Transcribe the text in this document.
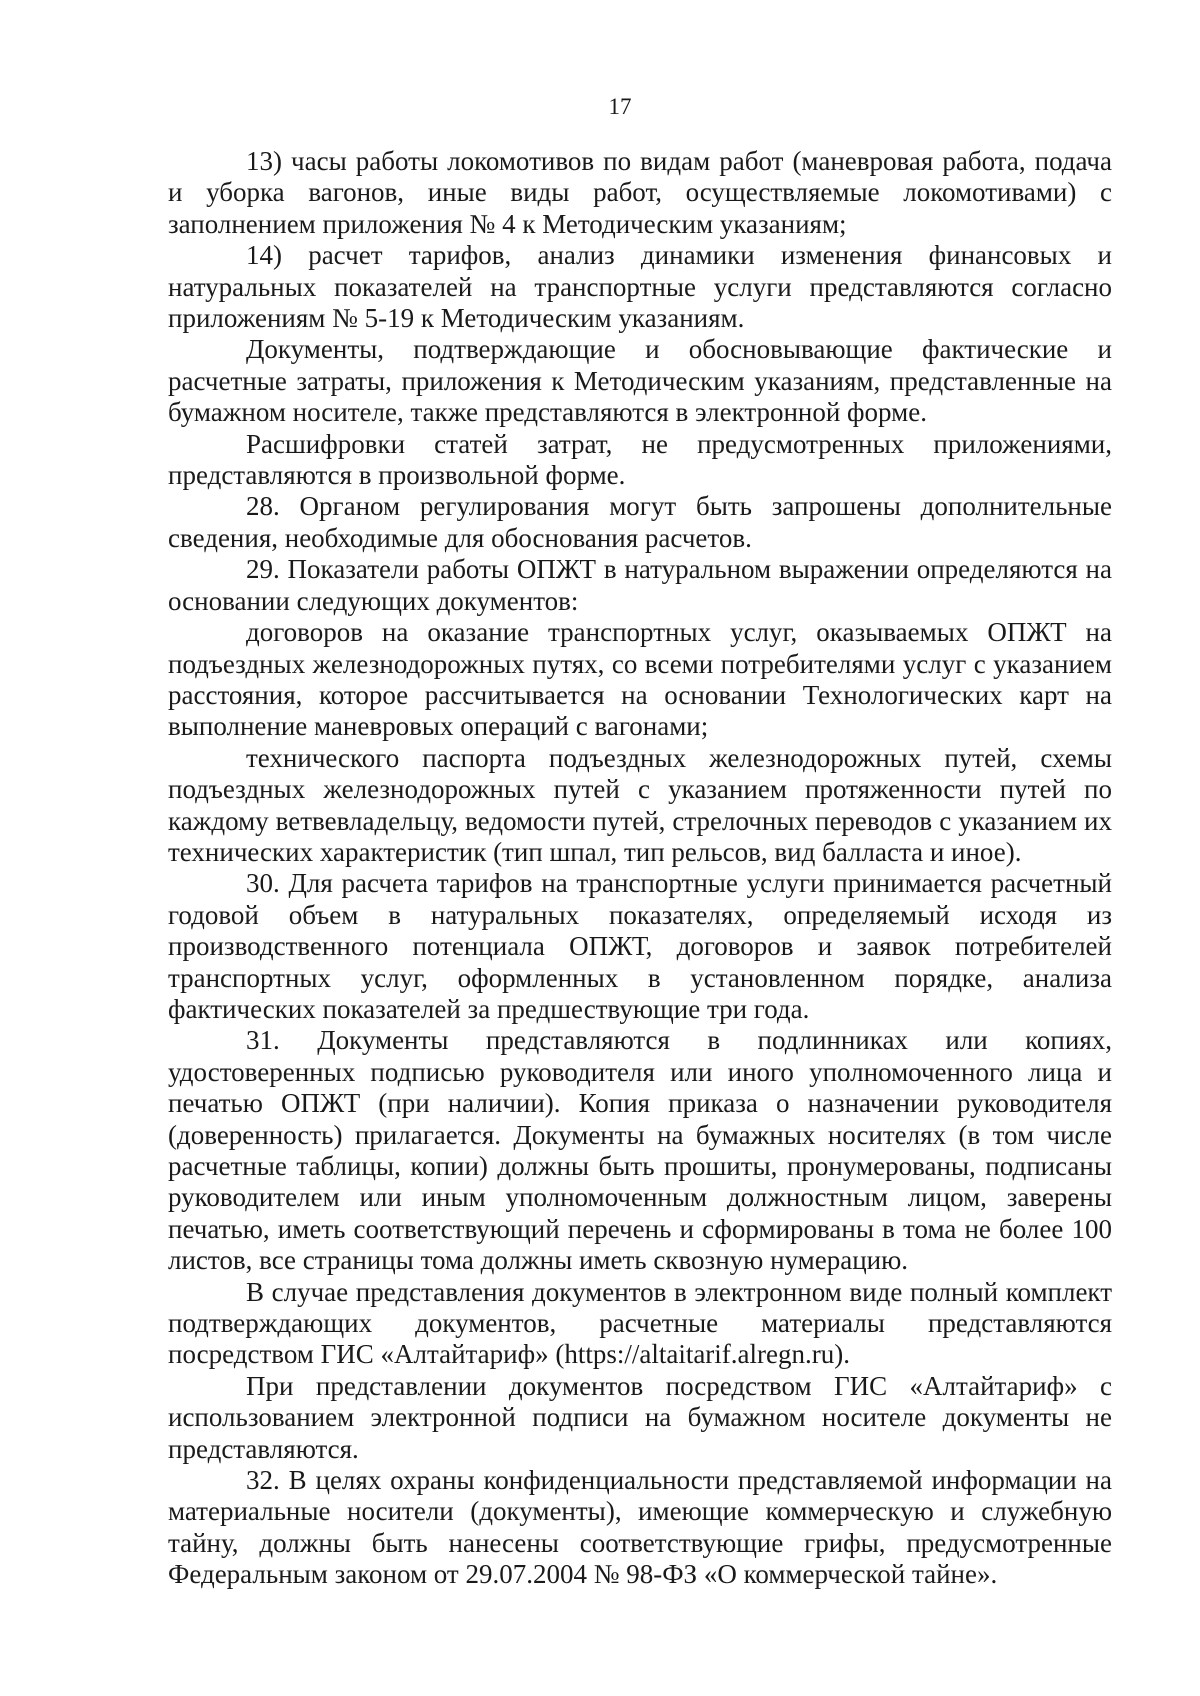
17

13) часы работы локомотивов по видам работ (маневровая работа, подача и уборка вагонов, иные виды работ, осуществляемые локомотивами) с заполнением приложения № 4 к Методическим указаниям;

14) расчет тарифов, анализ динамики изменения финансовых и натуральных показателей на транспортные услуги представляются согласно приложениям № 5-19 к Методическим указаниям.

Документы, подтверждающие и обосновывающие фактические и расчетные затраты, приложения к Методическим указаниям, представленные на бумажном носителе, также представляются в электронной форме.

Расшифровки статей затрат, не предусмотренных приложениями, представляются в произвольной форме.

28. Органом регулирования могут быть запрошены дополнительные сведения, необходимые для обоснования расчетов.

29. Показатели работы ОПЖТ в натуральном выражении определяются на основании следующих документов:

договоров на оказание транспортных услуг, оказываемых ОПЖТ на подъездных железнодорожных путях, со всеми потребителями услуг с указанием расстояния, которое рассчитывается на основании Технологических карт на выполнение маневровых операций с вагонами;

технического паспорта подъездных железнодорожных путей, схемы подъездных железнодорожных путей с указанием протяженности путей по каждому ветвевладельцу, ведомости путей, стрелочных переводов с указанием их технических характеристик (тип шпал, тип рельсов, вид балласта и иное).

30. Для расчета тарифов на транспортные услуги принимается расчетный годовой объем в натуральных показателях, определяемый исходя из производственного потенциала ОПЖТ, договоров и заявок потребителей транспортных услуг, оформленных в установленном порядке, анализа фактических показателей за предшествующие три года.

31. Документы представляются в подлинниках или копиях, удостоверенных подписью руководителя или иного уполномоченного лица и печатью ОПЖТ (при наличии). Копия приказа о назначении руководителя (доверенность) прилагается. Документы на бумажных носителях (в том числе расчетные таблицы, копии) должны быть прошиты, пронумерованы, подписаны руководителем или иным уполномоченным должностным лицом, заверены печатью, иметь соответствующий перечень и сформированы в тома не более 100 листов, все страницы тома должны иметь сквозную нумерацию.

В случае представления документов в электронном виде полный комплект подтверждающих документов, расчетные материалы представляются посредством ГИС «Алтайтариф» (https://altaitarif.alregn.ru).

При представлении документов посредством ГИС «Алтайтариф» с использованием электронной подписи на бумажном носителе документы не представляются.

32. В целях охраны конфиденциальности представляемой информации на материальные носители (документы), имеющие коммерческую и служебную тайну, должны быть нанесены соответствующие грифы, предусмотренные Федеральным законом от 29.07.2004 № 98-ФЗ «О коммерческой тайне».
